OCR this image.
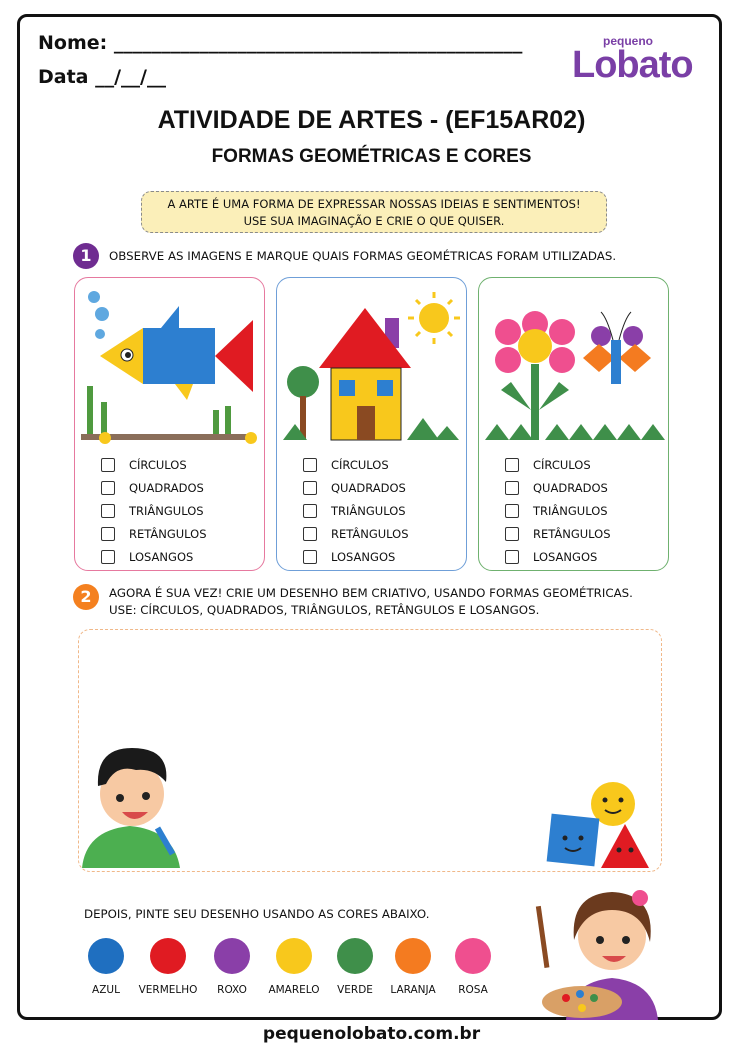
Nome: ___________________________________________
Data __/__/__
pequeno
Lobato
ATIVIDADE DE ARTES - (EF15AR02)
FORMAS GEOMÉTRICAS E CORES
A ARTE É UMA FORMA DE EXPRESSAR NOSSAS IDEIAS E SENTIMENTOS!
USE SUA IMAGINAÇÃO E CRIE O QUE QUISER.
1	OBSERVE AS IMAGENS E MARQUE QUAIS FORMAS GEOMÉTRICAS FORAM UTILIZADAS.
CÍRCULOS
QUADRADOS
TRIÂNGULOS
RETÂNGULOS
LOSANGOS
CÍRCULOS
QUADRADOS
TRIÂNGULOS
RETÂNGULOS
LOSANGOS
CÍRCULOS
QUADRADOS
TRIÂNGULOS
RETÂNGULOS
LOSANGOS
2	AGORA É SUA VEZ! CRIE UM DESENHO BEM CRIATIVO, USANDO FORMAS GEOMÉTRICAS.
USE: CÍRCULOS, QUADRADOS, TRIÂNGULOS, RETÂNGULOS E LOSANGOS.
DEPOIS, PINTE SEU DESENHO USANDO AS CORES ABAIXO.
AZUL	VERMELHO	ROXO	AMARELO	VERDE	LARANJA	ROSA
pequenolobato.com.br
